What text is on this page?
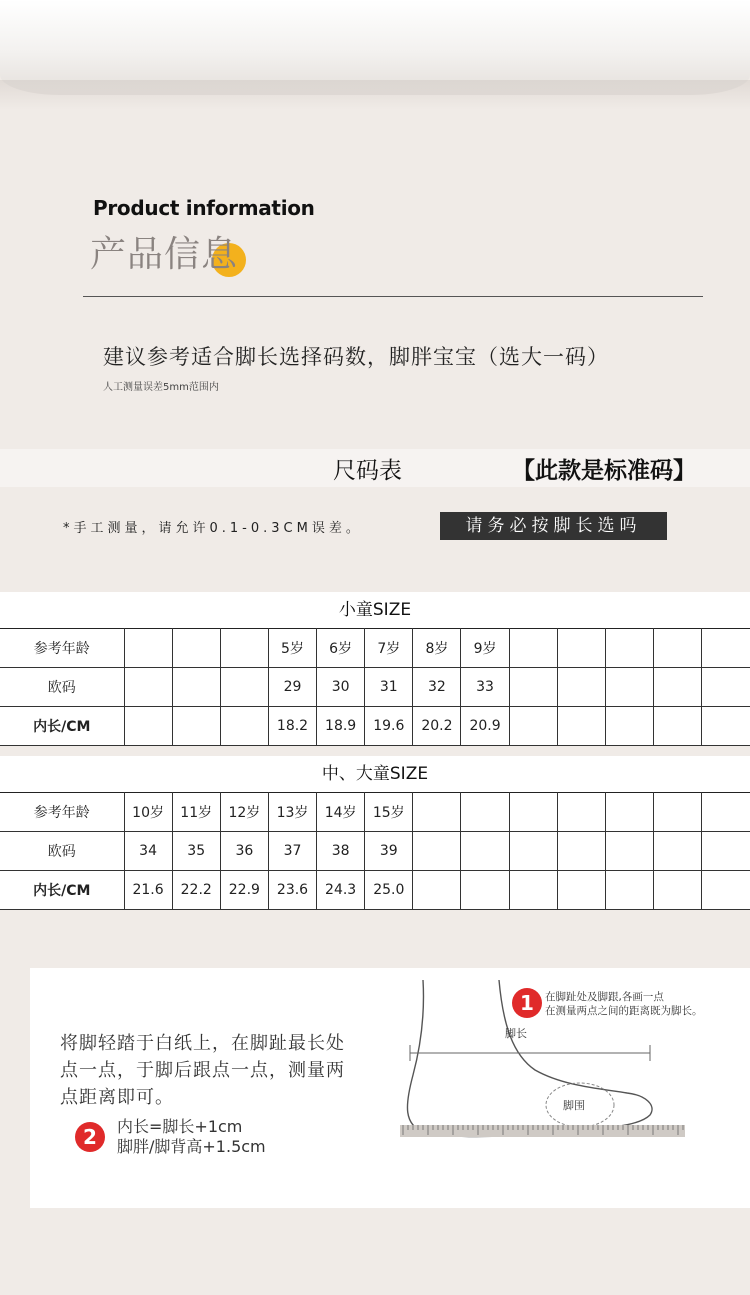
Product information
产品信息
建议参考适合脚长选择码数，脚胖宝宝（选大一码）
人工测量误差5mm范围内
尺码表	【此款是标准码】
*手工测量，请允许0.1-0.3CM误差。	请务必按脚长选吗
小童SIZE
参考年龄				5岁	6岁	7岁	8岁	9岁					
欧码				29	30	31	32	33					
内长/CM				18.2	18.9	19.6	20.2	20.9					
中、大童SIZE
参考年龄	10岁	11岁	12岁	13岁	14岁	15岁							
欧码	34	35	36	37	38	39							
内长/CM	21.6	22.2	22.9	23.6	24.3	25.0							
将脚轻踏于白纸上，在脚趾最长处点一点，于脚后跟点一点，测量两点距离即可。
2	内长=脚长+1cm
脚胖/脚背高+1.5cm
1	在脚趾处及脚跟,各画一点
在测量两点之间的距离既为脚长。
脚长
脚围
